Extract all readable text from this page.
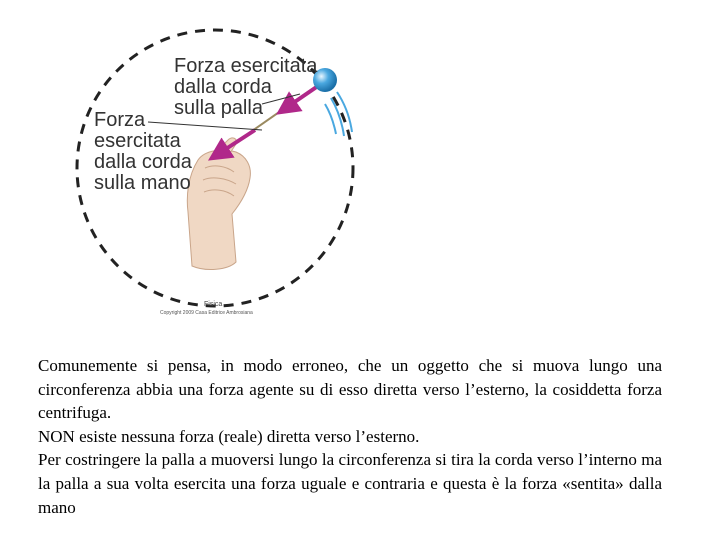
Forza esercitata dalla corda sulla palla
Forza esercitata dalla corda sulla mano
Fisica
Copyright 2009 Casa Editrice Ambrosiana

Comunemente si pensa, in modo erroneo, che un oggetto che si muova lungo una circonferenza abbia una forza agente su di esso diretta verso l’esterno, la cosiddetta forza centrifuga.

NON esiste nessuna forza (reale) diretta verso l’esterno.

Per costringere la palla a muoversi lungo la circonferenza si tira la corda verso l’interno ma la palla a sua volta esercita una forza uguale e contraria e questa è la forza «sentita» dalla mano
